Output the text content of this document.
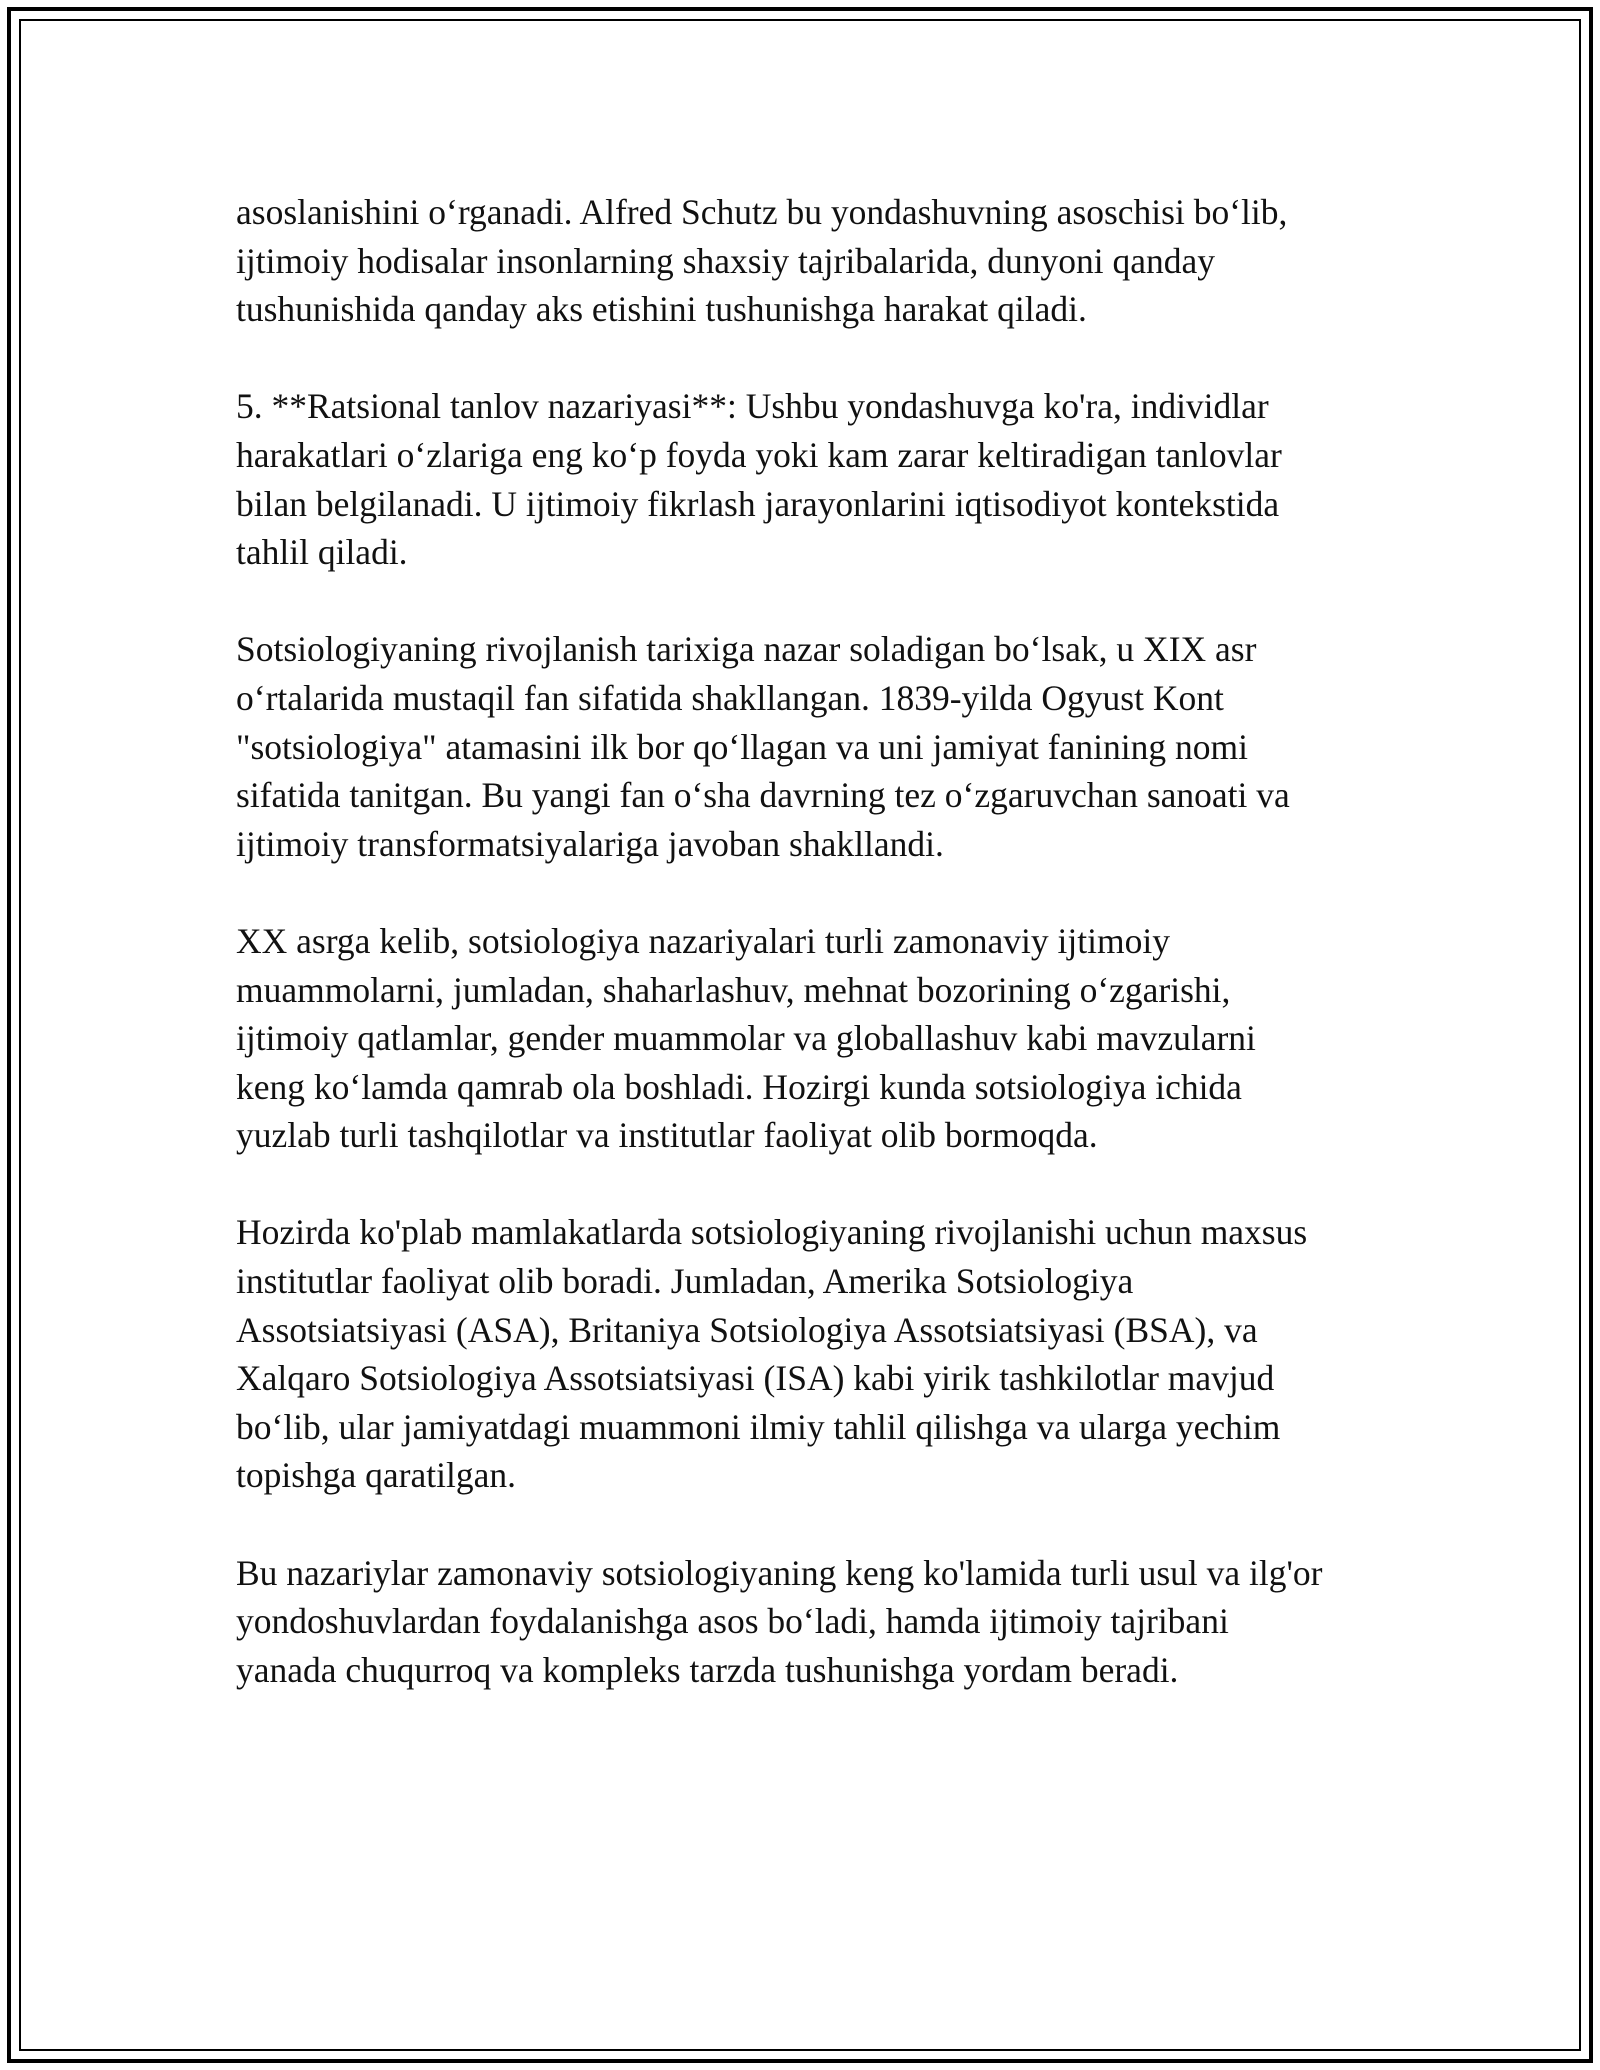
asoslanishini o‘rganadi. Alfred Schutz bu yondashuvning asoschisi bo‘lib,
ijtimoiy hodisalar insonlarning shaxsiy tajribalarida, dunyoni qanday
tushunishida qanday aks etishini tushunishga harakat qiladi.

5. **Ratsional tanlov nazariyasi**: Ushbu yondashuvga ko'ra, individlar
harakatlari o‘zlariga eng ko‘p foyda yoki kam zarar keltiradigan tanlovlar
bilan belgilanadi. U ijtimoiy fikrlash jarayonlarini iqtisodiyot kontekstida
tahlil qiladi.

Sotsiologiyaning rivojlanish tarixiga nazar soladigan bo‘lsak, u XIX asr
o‘rtalarida mustaqil fan sifatida shakllangan. 1839-yilda Ogyust Kont
"sotsiologiya" atamasini ilk bor qo‘llagan va uni jamiyat fanining nomi
sifatida tanitgan. Bu yangi fan o‘sha davrning tez o‘zgaruvchan sanoati va
ijtimoiy transformatsiyalariga javoban shakllandi.

XX asrga kelib, sotsiologiya nazariyalari turli zamonaviy ijtimoiy
muammolarni, jumladan, shaharlashuv, mehnat bozorining o‘zgarishi,
ijtimoiy qatlamlar, gender muammolar va globallashuv kabi mavzularni
keng ko‘lamda qamrab ola boshladi. Hozirgi kunda sotsiologiya ichida
yuzlab turli tashqilotlar va institutlar faoliyat olib bormoqda.

Hozirda ko'plab mamlakatlarda sotsiologiyaning rivojlanishi uchun maxsus
institutlar faoliyat olib boradi. Jumladan, Amerika Sotsiologiya
Assotsiatsiyasi (ASA), Britaniya Sotsiologiya Assotsiatsiyasi (BSA), va
Xalqaro Sotsiologiya Assotsiatsiyasi (ISA) kabi yirik tashkilotlar mavjud
bo‘lib, ular jamiyatdagi muammoni ilmiy tahlil qilishga va ularga yechim
topishga qaratilgan.

Bu nazariylar zamonaviy sotsiologiyaning keng ko'lamida turli usul va ilg'or
yondoshuvlardan foydalanishga asos bo‘ladi, hamda ijtimoiy tajribani
yanada chuqurroq va kompleks tarzda tushunishga yordam beradi.
